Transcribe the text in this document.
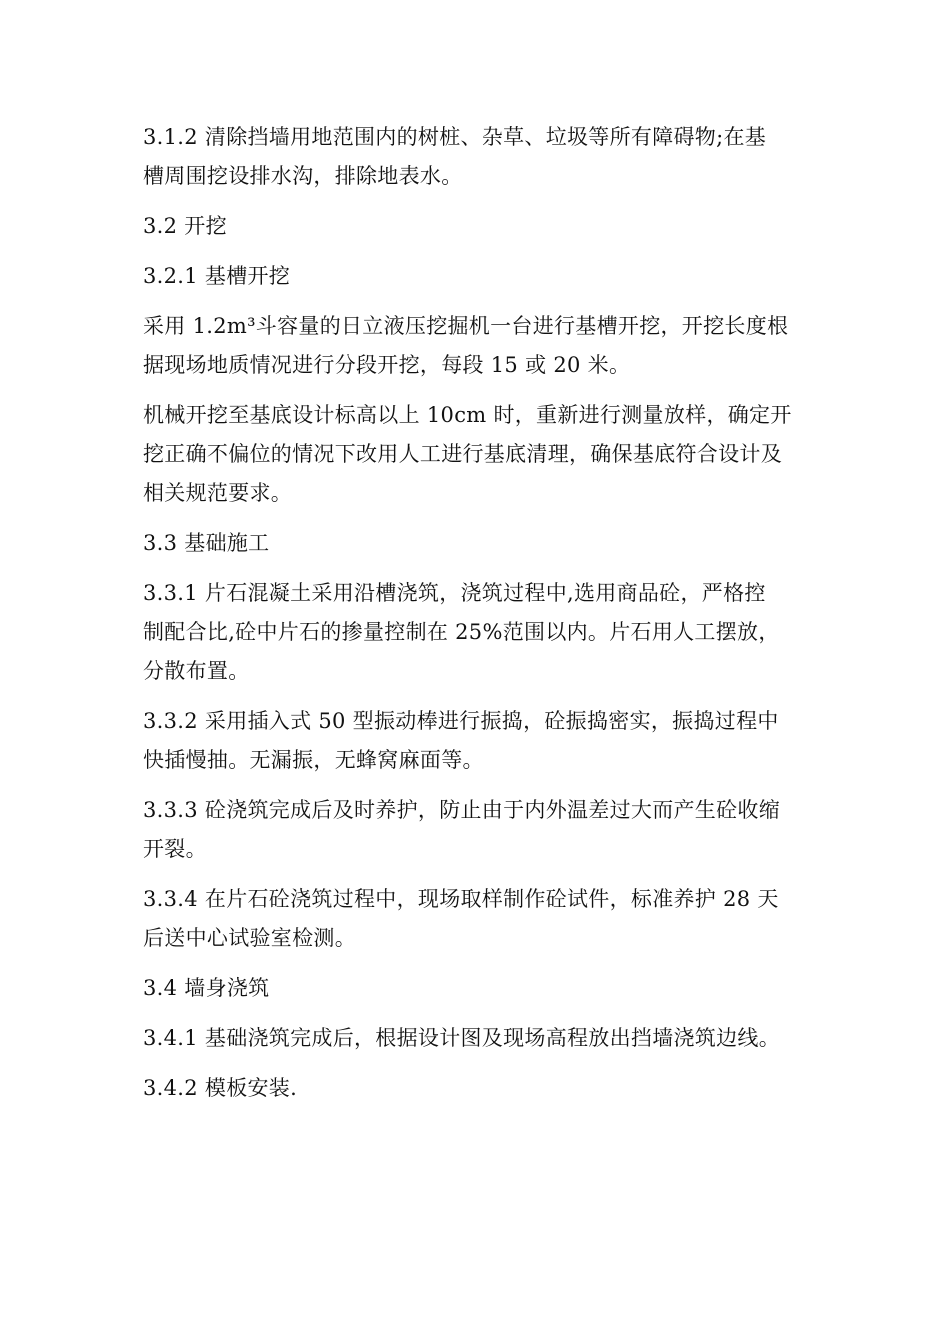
3.1.2 清除挡墙用地范围内的树桩、杂草、垃圾等所有障碍物;在基
槽周围挖设排水沟，排除地表水。
3.2 开挖
3.2.1 基槽开挖
采用 1.2m³斗容量的日立液压挖掘机一台进行基槽开挖，开挖长度根
据现场地质情况进行分段开挖，每段 15 或 20 米。
机械开挖至基底设计标高以上 10cm 时，重新进行测量放样，确定开
挖正确不偏位的情况下改用人工进行基底清理，确保基底符合设计及
相关规范要求。
3.3 基础施工
3.3.1 片石混凝土采用沿槽浇筑，浇筑过程中,选用商品砼，严格控
制配合比,砼中片石的掺量控制在 25%范围以内。片石用人工摆放，
分散布置。
3.3.2 采用插入式 50 型振动棒进行振捣，砼振捣密实，振捣过程中
快插慢抽。无漏振，无蜂窝麻面等。
3.3.3 砼浇筑完成后及时养护，防止由于内外温差过大而产生砼收缩
开裂。
3.3.4 在片石砼浇筑过程中，现场取样制作砼试件，标准养护 28 天
后送中心试验室检测。
3.4 墙身浇筑
3.4.1 基础浇筑完成后，根据设计图及现场高程放出挡墙浇筑边线。
3.4.2 模板安装.
